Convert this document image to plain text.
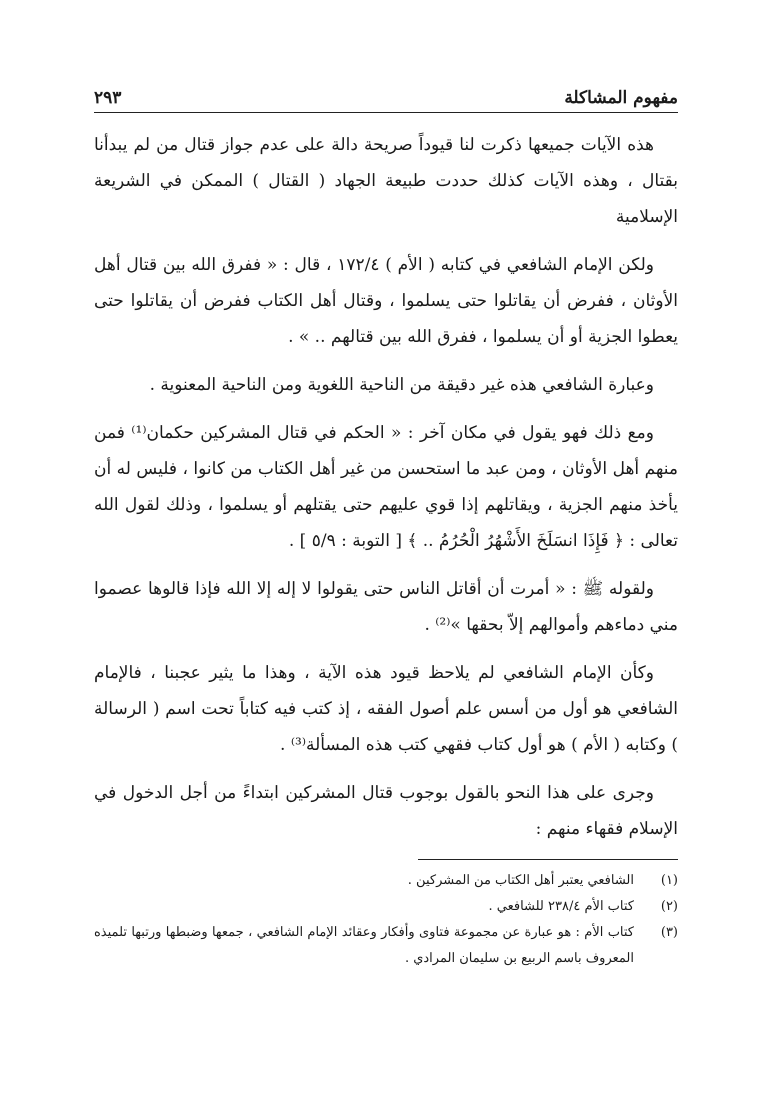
مفهوم المشاكلة
٢٩٣

هذه الآيات جميعها ذكرت لنا قيوداً صريحة دالة على عدم جواز قتال من لم يبدأنا بقتال ، وهذه الآيات كذلك حددت طبيعة الجهاد ( القتال ) الممكن في الشريعة الإسلامية

ولكن الإمام الشافعي في كتابه ( الأم ) ١٧٢/٤ ، قال : « ففرق الله بين قتال أهل الأوثان ، ففرض أن يقاتلوا حتى يسلموا ، وقتال أهل الكتاب ففرض أن يقاتلوا حتى يعطوا الجزية أو أن يسلموا ، ففرق الله بين قتالهم .. » .

وعبارة الشافعي هذه غير دقيقة من الناحية اللغوية ومن الناحية المعنوية .

ومع ذلك فهو يقول في مكان آخر : « الحكم في قتال المشركين حكمان⁽¹⁾ فمن منهم أهل الأوثان ، ومن عبد ما استحسن من غير أهل الكتاب من كانوا ، فليس له أن يأخذ منهم الجزية ، ويقاتلهم إذا قوي عليهم حتى يقتلهم أو يسلموا ، وذلك لقول الله تعالى : ﴿ فَإِذَا انسَلَخَ الأَشْهُرُ الْحُرُمُ .. ﴾ [ التوبة : ٥/٩ ] .

ولقوله ﷺ : « أمرت أن أقاتل الناس حتى يقولوا لا إله إلا الله فإذا قالوها عصموا مني دماءهم وأموالهم إلاّ بحقها »⁽²⁾ .

وكأن الإمام الشافعي لم يلاحظ قيود هذه الآية ، وهذا ما يثير عجبنا ، فالإمام الشافعي هو أول من أسس علم أصول الفقه ، إذ كتب فيه كتاباً تحت اسم ( الرسالة ) وكتابه ( الأم ) هو أول كتاب فقهي كتب هذه المسألة⁽³⁾ .

وجرى على هذا النحو بالقول بوجوب قتال المشركين ابتداءً من أجل الدخول في الإسلام فقهاء منهم :

(١)
الشافعي يعتبر أهل الكتاب من المشركين .
(٢)
كتاب الأم ٢٣٨/٤ للشافعي .
(٣)
كتاب الأم : هو عبارة عن مجموعة فتاوى وأفكار وعقائد الإمام الشافعي ، جمعها وضبطها ورتبها تلميذه المعروف باسم الربيع بن سليمان المرادي .
